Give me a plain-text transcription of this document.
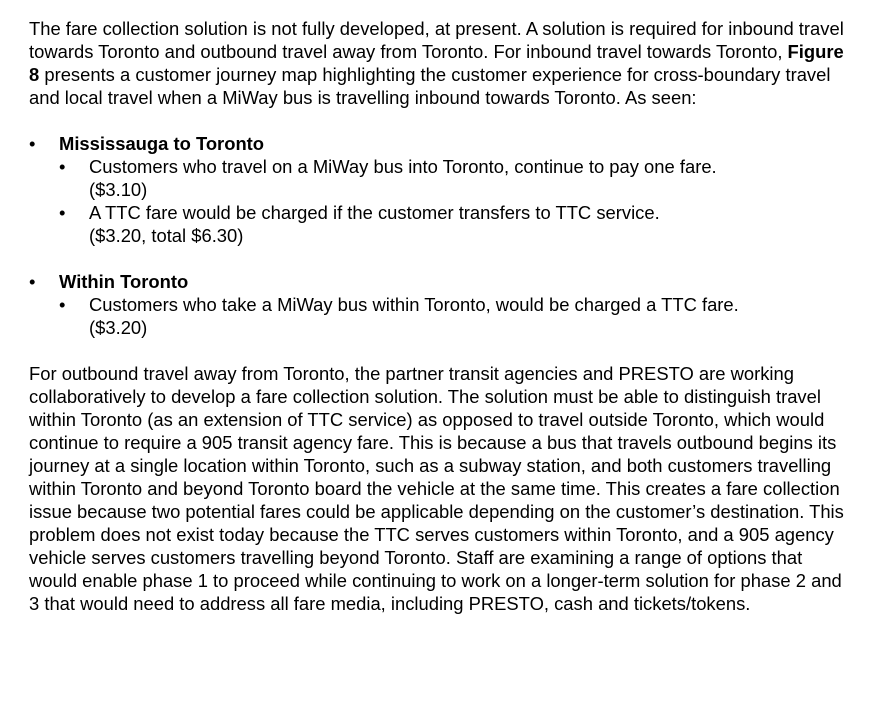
The fare collection solution is not fully developed, at present. A solution is required for inbound travel towards Toronto and outbound travel away from Toronto. For inbound travel towards Toronto, Figure 8 presents a customer journey map highlighting the customer experience for cross-boundary travel and local travel when a MiWay bus is travelling inbound towards Toronto. As seen:

• Mississauga to Toronto
• Customers who travel on a MiWay bus into Toronto, continue to pay one fare.
($3.10)
• A TTC fare would be charged if the customer transfers to TTC service.
($3.20, total $6.30)
• Within Toronto
• Customers who take a MiWay bus within Toronto, would be charged a TTC fare.
($3.20)

For outbound travel away from Toronto, the partner transit agencies and PRESTO are working collaboratively to develop a fare collection solution. The solution must be able to distinguish travel within Toronto (as an extension of TTC service) as opposed to travel outside Toronto, which would continue to require a 905 transit agency fare. This is because a bus that travels outbound begins its journey at a single location within Toronto, such as a subway station, and both customers travelling within Toronto and beyond Toronto board the vehicle at the same time. This creates a fare collection issue because two potential fares could be applicable depending on the customer’s destination. This problem does not exist today because the TTC serves customers within Toronto, and a 905 agency vehicle serves customers travelling beyond Toronto. Staff are examining a range of options that would enable phase 1 to proceed while continuing to work on a longer-term solution for phase 2 and 3 that would need to address all fare media, including PRESTO, cash and tickets/tokens.
